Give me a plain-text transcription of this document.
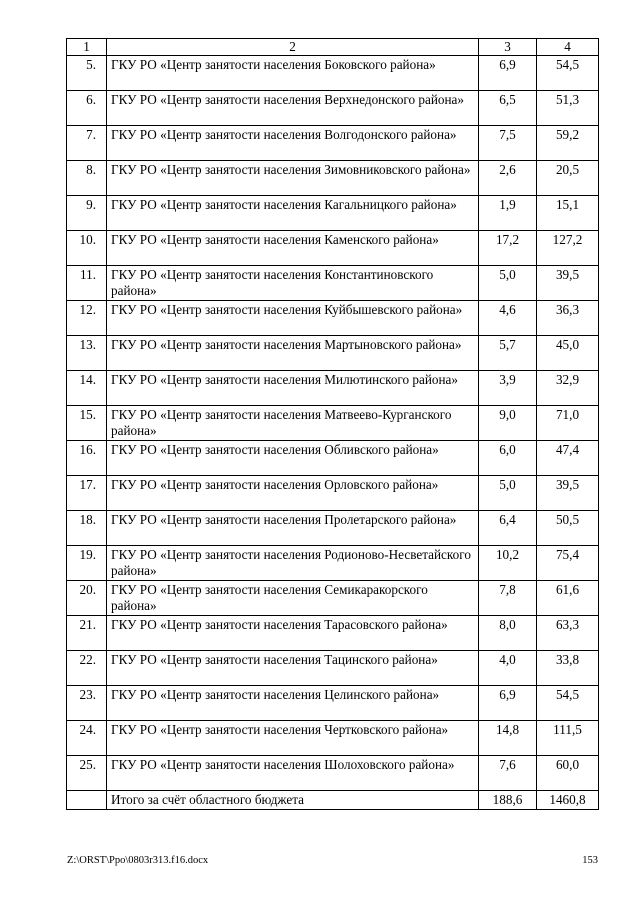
1	2	3	4
5.	ГКУ РО «Центр занятости населения Боковского района»	6,9	54,5
6.	ГКУ РО «Центр занятости населения Верхнедонского района»	6,5	51,3
7.	ГКУ РО «Центр занятости населения Волгодонского района»	7,5	59,2
8.	ГКУ РО «Центр занятости населения Зимовниковского района»	2,6	20,5
9.	ГКУ РО «Центр занятости населения Кагальницкого района»	1,9	15,1
10.	ГКУ РО «Центр занятости населения Каменского района»	17,2	127,2
11.	ГКУ РО «Центр занятости населения Константиновского района»	5,0	39,5
12.	ГКУ РО «Центр занятости населения Куйбышевского района»	4,6	36,3
13.	ГКУ РО «Центр занятости населения Мартыновского района»	5,7	45,0
14.	ГКУ РО «Центр занятости населения Милютинского района»	3,9	32,9
15.	ГКУ РО «Центр занятости населения Матвеево-Курганского района»	9,0	71,0
16.	ГКУ РО «Центр занятости населения Обливского района»	6,0	47,4
17.	ГКУ РО «Центр занятости населения Орловского района»	5,0	39,5
18.	ГКУ РО «Центр занятости населения Пролетарского района»	6,4	50,5
19.	ГКУ РО «Центр занятости населения Родионово-Несветайского района»	10,2	75,4
20.	ГКУ РО «Центр занятости населения Семикаракорского района»	7,8	61,6
21.	ГКУ РО «Центр занятости населения Тарасовского района»	8,0	63,3
22.	ГКУ РО «Центр занятости населения Тацинского района»	4,0	33,8
23.	ГКУ РО «Центр занятости населения Целинского района»	6,9	54,5
24.	ГКУ РО «Центр занятости населения Чертковского района»	14,8	111,5
25.	ГКУ РО «Центр занятости населения Шолоховского района»	7,6	60,0
	Итого за счёт областного бюджета	188,6	1460,8
Z:\ORST\Ppo\0803r313.f16.docx	153
